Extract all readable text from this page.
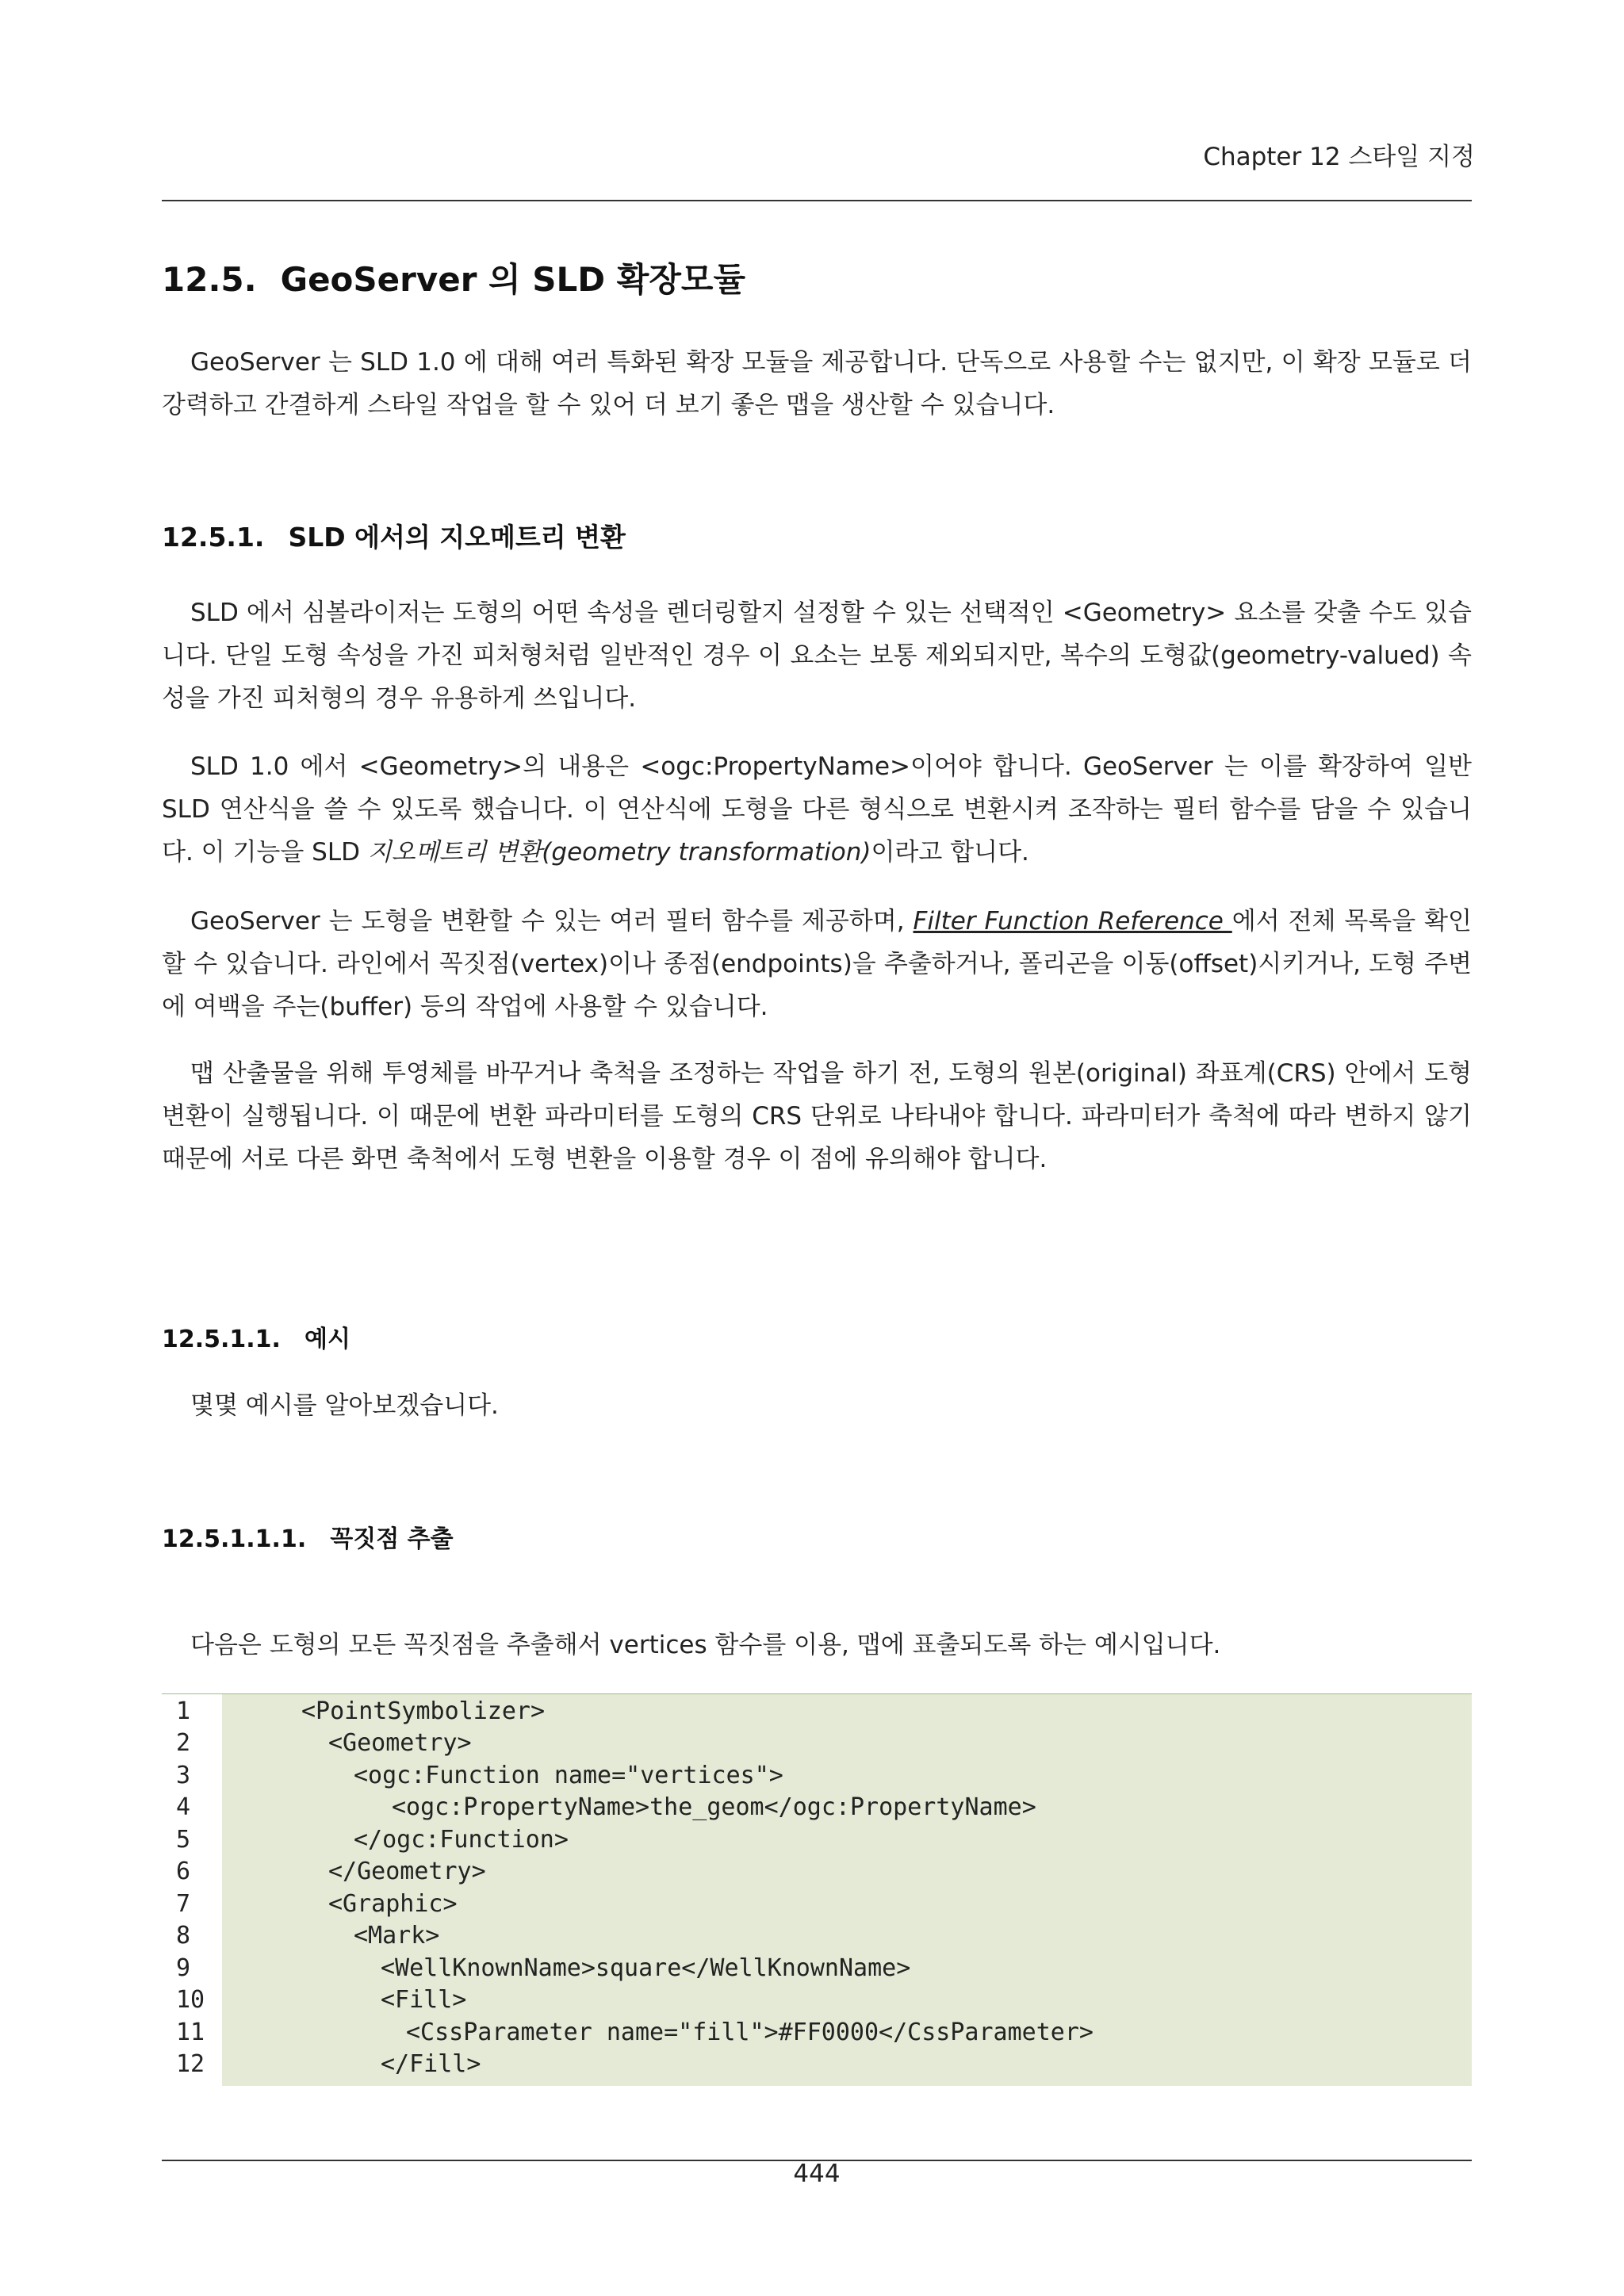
Chapter 12 스타일 지정
12.5. GeoServer 의 SLD 확장모듈

GeoServer 는 SLD 1.0 에 대해 여러 특화된 확장 모듈을 제공합니다. 단독으로 사용할 수는 없지만, 이 확장 모듈로 더 강력하고 간결하게 스타일 작업을 할 수 있어 더 보기 좋은 맵을 생산할 수 있습니다.

12.5.1. SLD 에서의 지오메트리 변환

SLD 에서 심볼라이저는 도형의 어떤 속성을 렌더링할지 설정할 수 있는 선택적인 <Geometry> 요소를 갖출 수도 있습니다. 단일 도형 속성을 가진 피처형처럼 일반적인 경우 이 요소는 보통 제외되지만, 복수의 도형값(geometry-valued) 속성을 가진 피처형의 경우 유용하게 쓰입니다.

SLD 1.0 에서 <Geometry>의 내용은 <ogc:PropertyName>이어야 합니다. GeoServer 는 이를 확장하여 일반 SLD 연산식을 쓸 수 있도록 했습니다. 이 연산식에 도형을 다른 형식으로 변환시켜 조작하는 필터 함수를 담을 수 있습니다. 이 기능을 SLD 지오메트리 변환(geometry transformation)이라고 합니다.

GeoServer 는 도형을 변환할 수 있는 여러 필터 함수를 제공하며, Filter Function Reference 에서 전체 목록을 확인할 수 있습니다. 라인에서 꼭짓점(vertex)이나 종점(endpoints)을 추출하거나, 폴리곤을 이동(offset)시키거나, 도형 주변에 여백을 주는(buffer) 등의 작업에 사용할 수 있습니다.

맵 산출물을 위해 투영체를 바꾸거나 축척을 조정하는 작업을 하기 전, 도형의 원본(original) 좌표계(CRS) 안에서 도형 변환이 실행됩니다. 이 때문에 변환 파라미터를 도형의 CRS 단위로 나타내야 합니다. 파라미터가 축척에 따라 변하지 않기 때문에 서로 다른 화면 축척에서 도형 변환을 이용할 경우 이 점에 유의해야 합니다.

12.5.1.1. 예시

몇몇 예시를 알아보겠습니다.

12.5.1.1.1. 꼭짓점 추출

다음은 도형의 모든 꼭짓점을 추출해서 vertices 함수를 이용, 맵에 표출되도록 하는 예시입니다.

1
2
3
4
5
6
7
8
9
10
11
12
<PointSymbolizer>
<Geometry>
<ogc:Function name="vertices">
<ogc:PropertyName>the_geom</ogc:PropertyName>
</ogc:Function>
</Geometry>
<Graphic>
<Mark>
<WellKnownName>square</WellKnownName>
<Fill>
<CssParameter name="fill">#FF0000</CssParameter>
</Fill>
444
